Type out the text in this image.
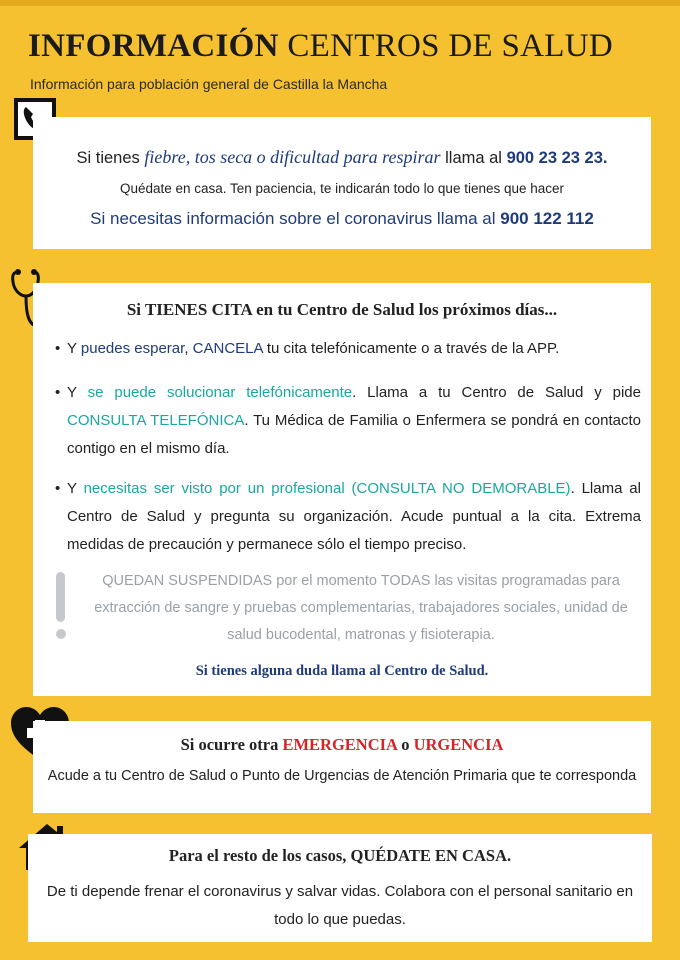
INFORMACIÓN CENTROS DE SALUD
Información para población general de Castilla la Mancha
Si tienes fiebre, tos seca o dificultad para respirar llama al 900 23 23 23.
Quédate en casa. Ten paciencia, te indicarán todo lo que tienes que hacer
Si necesitas información sobre el coronavirus llama al 900 122 112
Si TIENES CITA en tu Centro de Salud los próximos días...
• Y puedes esperar, CANCELA tu cita telefónicamente o a través de la APP.
• Y se puede solucionar telefónicamente. Llama a tu Centro de Salud y pide CONSULTA TELEFÓNICA. Tu Médica de Familia o Enfermera se pondrá en contacto contigo en el mismo día.
• Y necesitas ser visto por un profesional (CONSULTA NO DEMORABLE). Llama al Centro de Salud y pregunta su organización. Acude puntual a la cita. Extrema medidas de precaución y permanece sólo el tiempo preciso.
QUEDAN SUSPENDIDAS por el momento TODAS las visitas programadas para extracción de sangre y pruebas complementarias, trabajadores sociales, unidad de salud bucodental, matronas y fisioterapia.
Si tienes alguna duda llama al Centro de Salud.
Si ocurre otra EMERGENCIA o URGENCIA
Acude a tu Centro de Salud o Punto de Urgencias de Atención Primaria que te corresponda
Para el resto de los casos, QUÉDATE EN CASA.
De ti depende frenar el coronavirus y salvar vidas. Colabora con el personal sanitario en todo lo que puedas.
